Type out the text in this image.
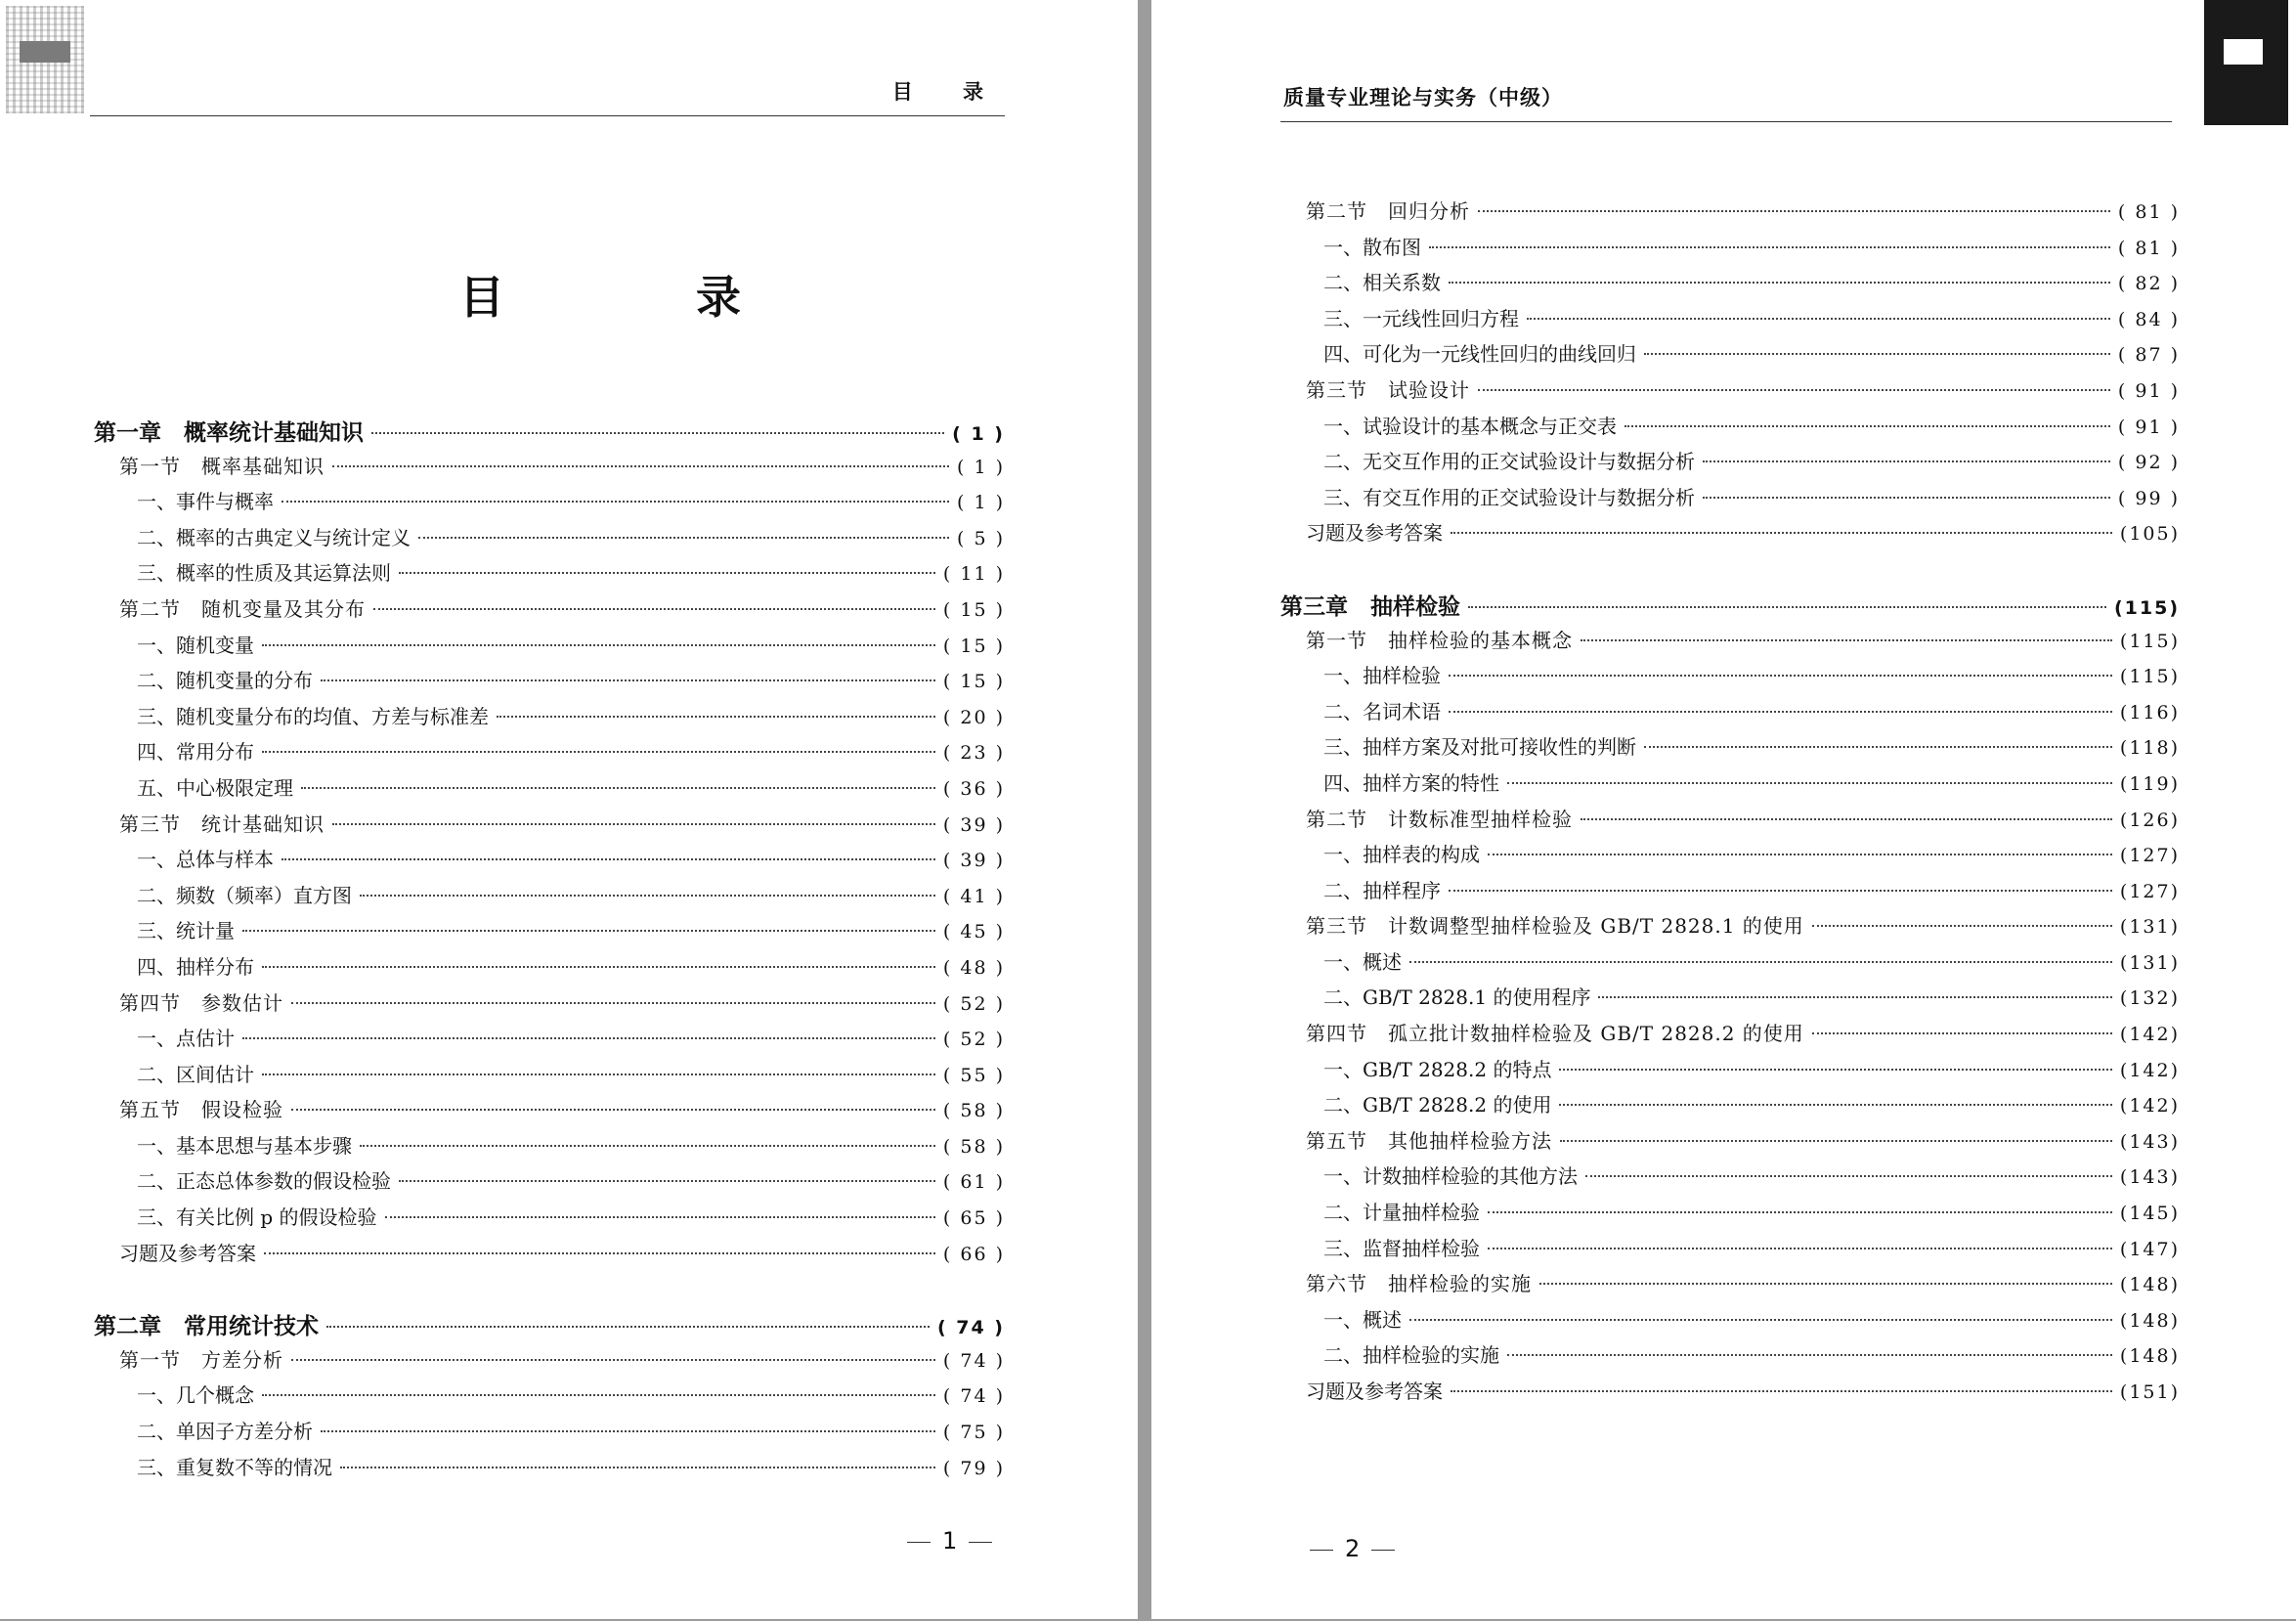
目 录
目 录
第一章　概率统计基础知识	( 1 )
第一节　概率基础知识	( 1 )
一、事件与概率	( 1 )
二、概率的古典定义与统计定义	( 5 )
三、概率的性质及其运算法则	( 11 )
第二节　随机变量及其分布	( 15 )
一、随机变量	( 15 )
二、随机变量的分布	( 15 )
三、随机变量分布的均值、方差与标准差	( 20 )
四、常用分布	( 23 )
五、中心极限定理	( 36 )
第三节　统计基础知识	( 39 )
一、总体与样本	( 39 )
二、频数（频率）直方图	( 41 )
三、统计量	( 45 )
四、抽样分布	( 48 )
第四节　参数估计	( 52 )
一、点估计	( 52 )
二、区间估计	( 55 )
第五节　假设检验	( 58 )
一、基本思想与基本步骤	( 58 )
二、正态总体参数的假设检验	( 61 )
三、有关比例 p 的假设检验	( 65 )
习题及参考答案	( 66 )
第二章　常用统计技术	( 74 )
第一节　方差分析	( 74 )
一、几个概念	( 74 )
二、单因子方差分析	( 75 )
三、重复数不等的情况	( 79 )
1
质量专业理论与实务（中级）
第二节　回归分析	( 81 )
一、散布图	( 81 )
二、相关系数	( 82 )
三、一元线性回归方程	( 84 )
四、可化为一元线性回归的曲线回归	( 87 )
第三节　试验设计	( 91 )
一、试验设计的基本概念与正交表	( 91 )
二、无交互作用的正交试验设计与数据分析	( 92 )
三、有交互作用的正交试验设计与数据分析	( 99 )
习题及参考答案	(105)
第三章　抽样检验	(115)
第一节　抽样检验的基本概念	(115)
一、抽样检验	(115)
二、名词术语	(116)
三、抽样方案及对批可接收性的判断	(118)
四、抽样方案的特性	(119)
第二节　计数标准型抽样检验	(126)
一、抽样表的构成	(127)
二、抽样程序	(127)
第三节　计数调整型抽样检验及 GB/T 2828.1 的使用	(131)
一、概述	(131)
二、GB/T 2828.1 的使用程序	(132)
第四节　孤立批计数抽样检验及 GB/T 2828.2 的使用	(142)
一、GB/T 2828.2 的特点	(142)
二、GB/T 2828.2 的使用	(142)
第五节　其他抽样检验方法	(143)
一、计数抽样检验的其他方法	(143)
二、计量抽样检验	(145)
三、监督抽样检验	(147)
第六节　抽样检验的实施	(148)
一、概述	(148)
二、抽样检验的实施	(148)
习题及参考答案	(151)
2
